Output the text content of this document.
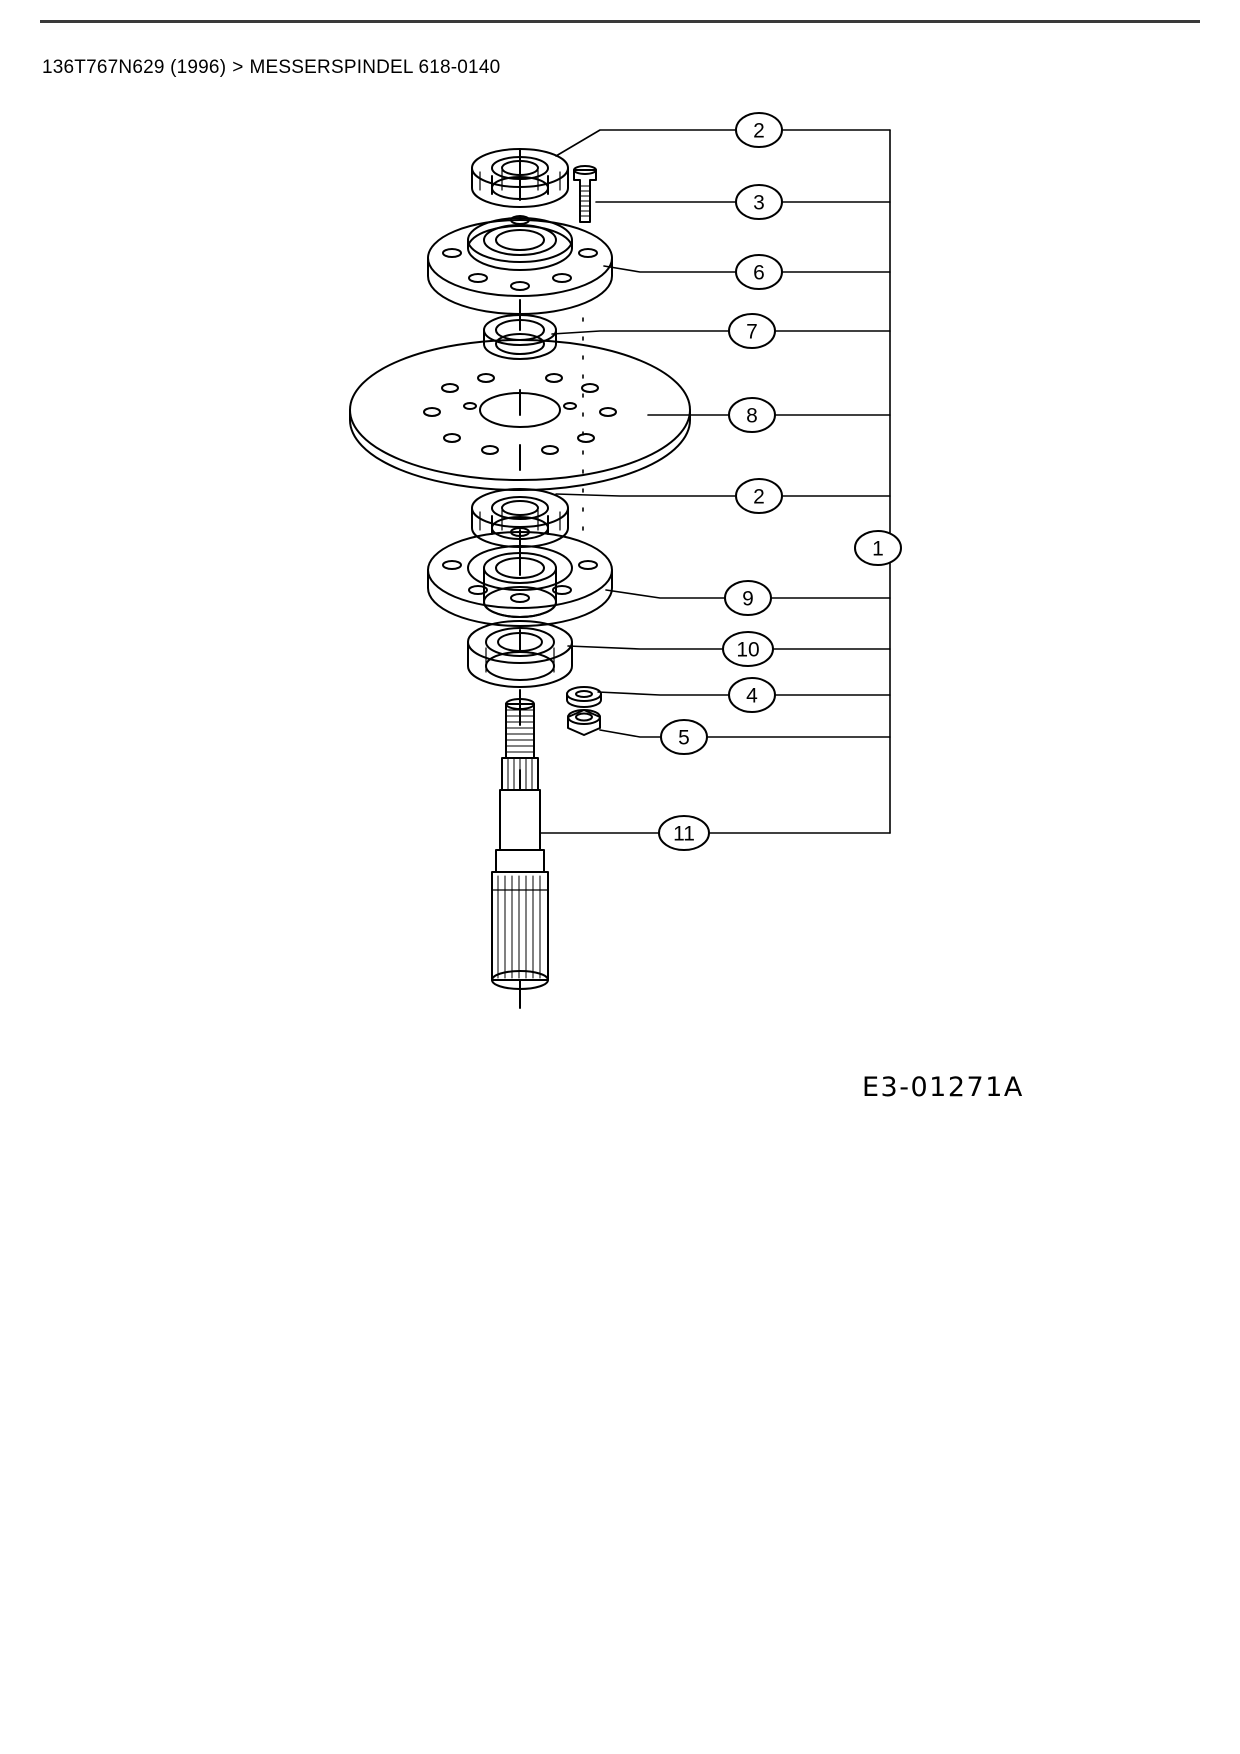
136T767N629 (1996) > MESSERSPINDEL 618-0140
2
3
6
7
8
2
1
9
10
4
5
11
E3-01271A
